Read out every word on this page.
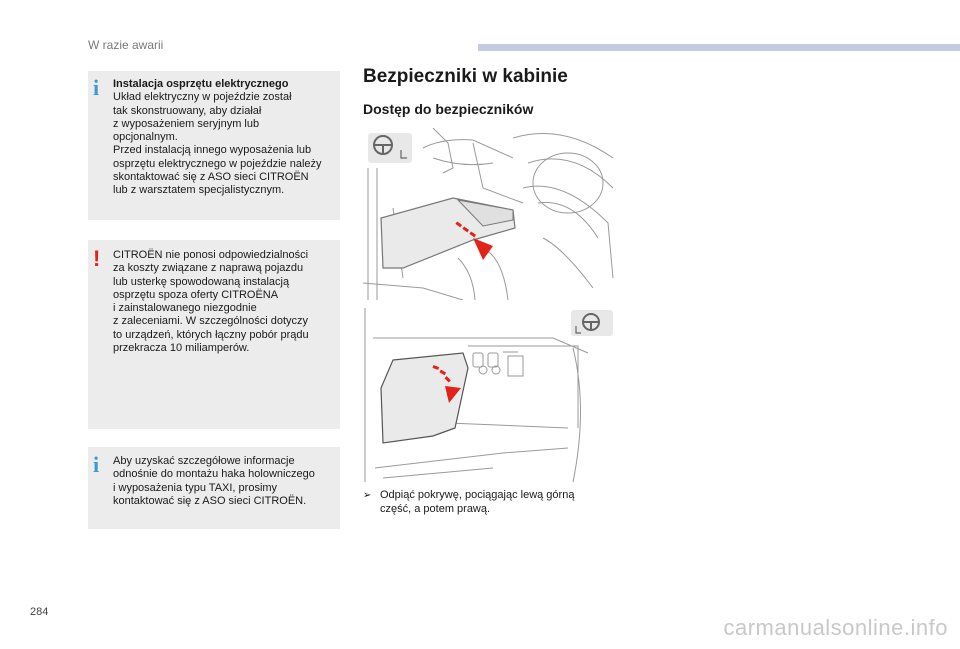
W razie awarii
i Instalacja osprzętu elektrycznego

Układ elektryczny w pojeździe został
tak skonstruowany, aby działał
z wyposażeniem seryjnym lub
opcjonalnym.
Przed instalacją innego wyposażenia lub
osprzętu elektrycznego w pojeździe należy
skontaktować się z ASO sieci CITROËN
lub z warsztatem specjalistycznym.

! CITROËN nie ponosi odpowiedzialności
za koszty związane z naprawą pojazdu
lub usterkę spowodowaną instalacją
osprzętu spoza oferty CITROËNA
i zainstalowanego niezgodnie
z zaleceniami. W szczególności dotyczy
to urządzeń, których łączny pobór prądu
przekracza 10 miliamperów.

i Aby uzyskać szczegółowe informacje
odnośnie do montażu haka holowniczego
i wyposażenia typu TAXI, prosimy
kontaktować się z ASO sieci CITROËN.

Bezpieczniki w kabinie
Dostęp do bezpieczników
➢ Odpiąć pokrywę, pociągając lewą górną
część, a potem prawą.
284
carmanualsonline.info
